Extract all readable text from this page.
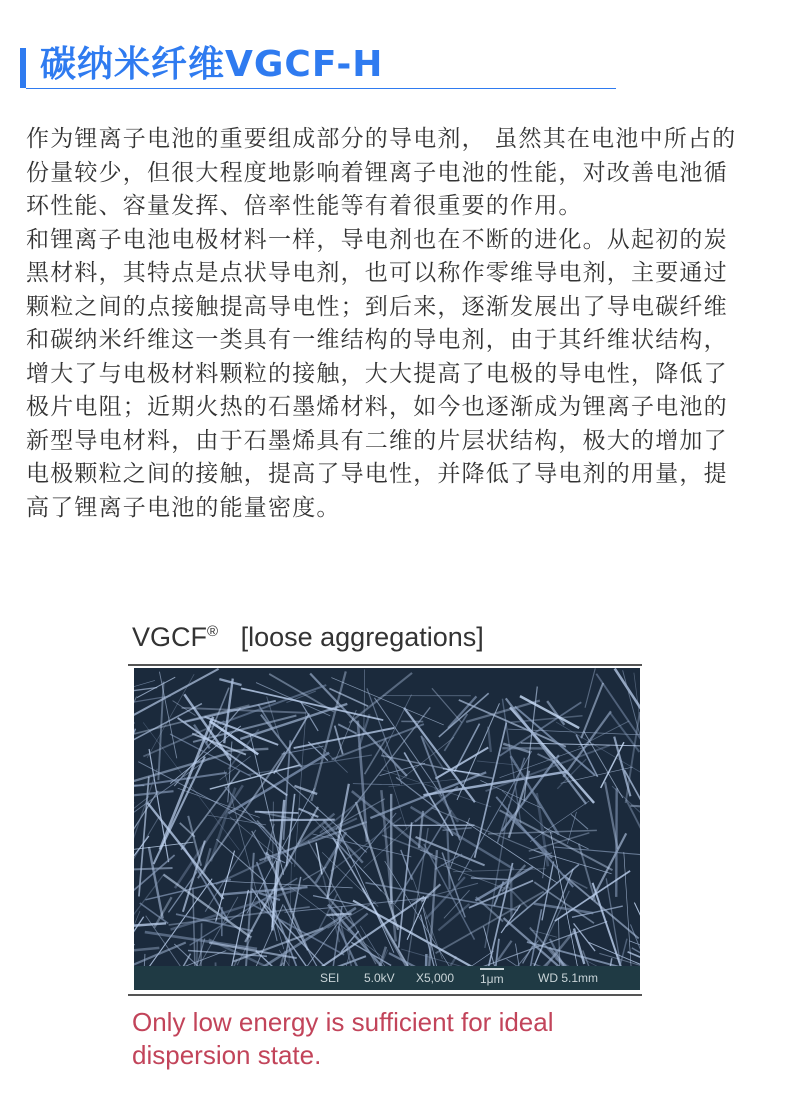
碳纳米纤维VGCF-H
作为锂离子电池的重要组成部分的导电剂， 虽然其在电池中所占的
份量较少，但很大程度地影响着锂离子电池的性能，对改善电池循
环性能、容量发挥、倍率性能等有着很重要的作用。
和锂离子电池电极材料一样，导电剂也在不断的进化。从起初的炭
黑材料，其特点是点状导电剂，也可以称作零维导电剂，主要通过
颗粒之间的点接触提高导电性；到后来，逐渐发展出了导电碳纤维
和碳纳米纤维这一类具有一维结构的导电剂，由于其纤维状结构，
增大了与电极材料颗粒的接触，大大提高了电极的导电性，降低了
极片电阻；近期火热的石墨烯材料，如今也逐渐成为锂离子电池的
新型导电材料，由于石墨烯具有二维的片层状结构，极大的增加了
电极颗粒之间的接触，提高了导电性，并降低了导电剂的用量，提
高了锂离子电池的能量密度。
VGCF® [loose aggregations]
SEI 5.0kV X5,000 1μm	WD 5.1mm
Only low energy is sufficient for ideal
dispersion state.
